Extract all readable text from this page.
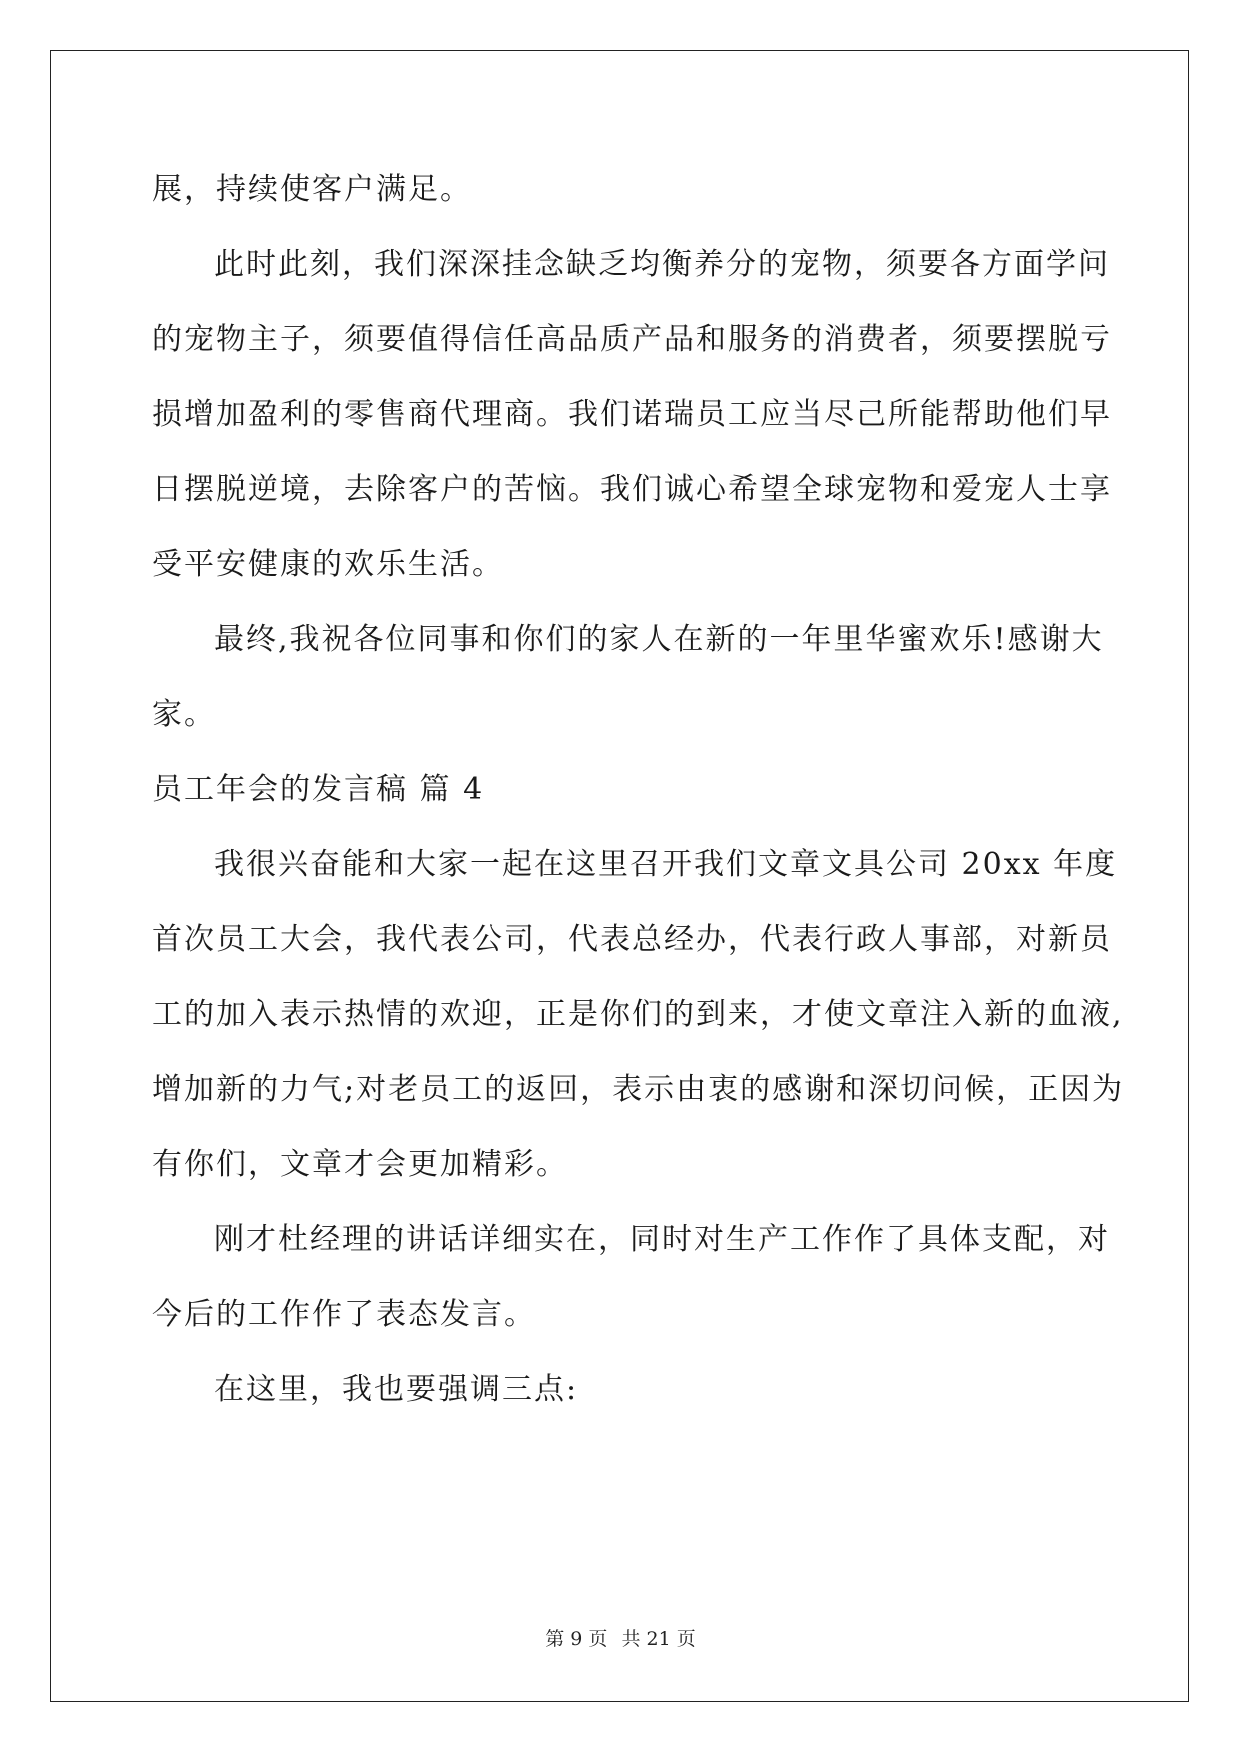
展，持续使客户满足。
此时此刻，我们深深挂念缺乏均衡养分的宠物，须要各方面学问
的宠物主子，须要值得信任高品质产品和服务的消费者，须要摆脱亏
损增加盈利的零售商代理商。我们诺瑞员工应当尽己所能帮助他们早
日摆脱逆境，去除客户的苦恼。我们诚心希望全球宠物和爱宠人士享
受平安健康的欢乐生活。
最终,我祝各位同事和你们的家人在新的一年里华蜜欢乐!感谢大
家。
员工年会的发言稿 篇 4
我很兴奋能和大家一起在这里召开我们文章文具公司 20xx 年度
首次员工大会，我代表公司，代表总经办，代表行政人事部，对新员
工的加入表示热情的欢迎，正是你们的到来，才使文章注入新的血液,
增加新的力气;对老员工的返回，表示由衷的感谢和深切问候，正因为
有你们，文章才会更加精彩。
刚才杜经理的讲话详细实在，同时对生产工作作了具体支配，对
今后的工作作了表态发言。
在这里，我也要强调三点:
第 9 页 共 21 页
